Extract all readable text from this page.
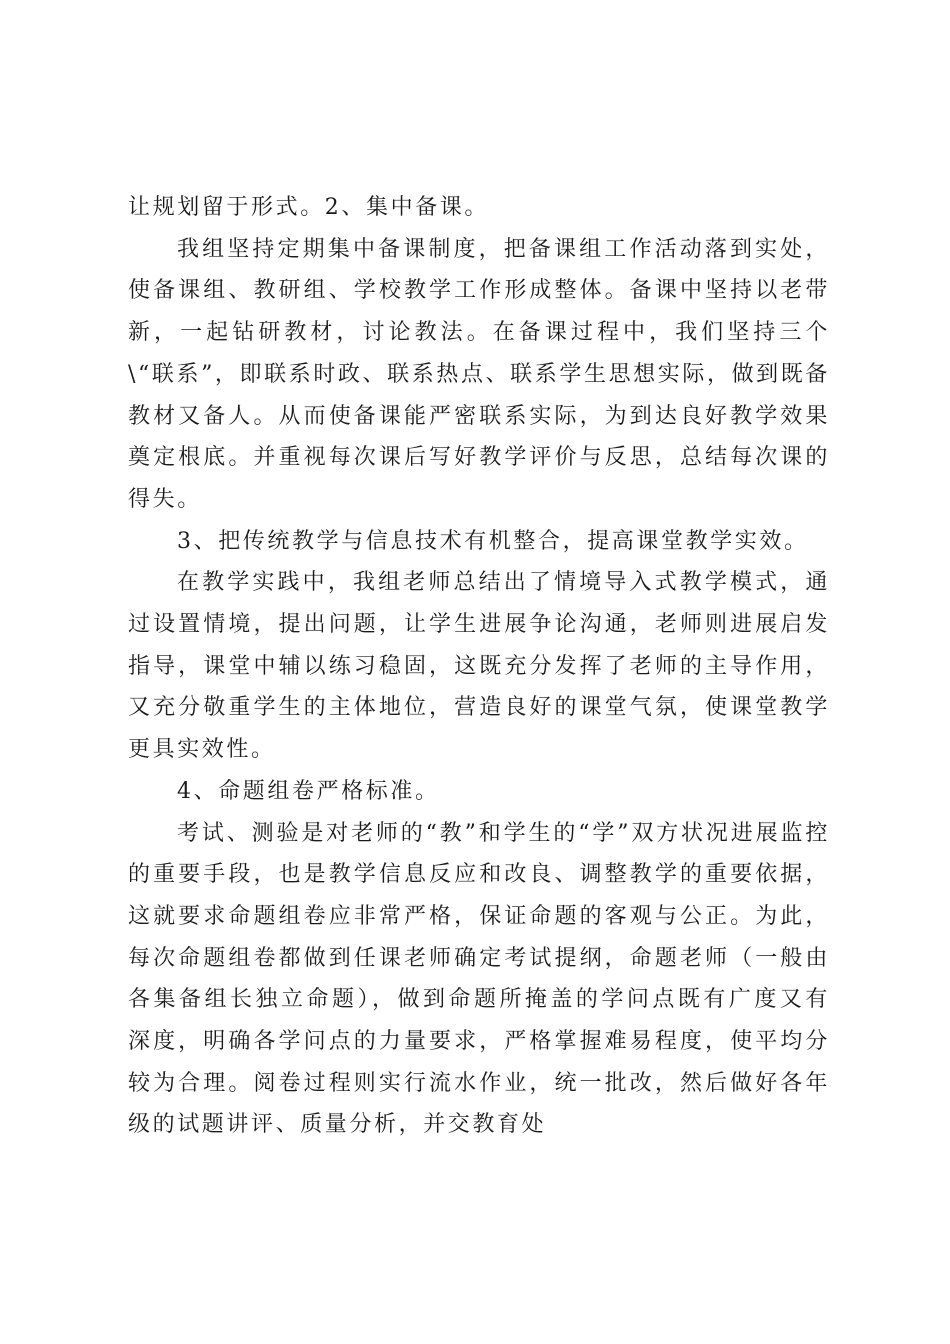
让规划留于形式。2、集中备课。

我组坚持定期集中备课制度，把备课组工作活动落到实处，使备课组、教研组、学校教学工作形成整体。备课中坚持以老带新，一起钻研教材，讨论教法。在备课过程中，我们坚持三个\“联系”，即联系时政、联系热点、联系学生思想实际，做到既备教材又备人。从而使备课能严密联系实际，为到达良好教学效果奠定根底。并重视每次课后写好教学评价与反思，总结每次课的得失。

3、把传统教学与信息技术有机整合，提高课堂教学实效。

在教学实践中，我组老师总结出了情境导入式教学模式，通过设置情境，提出问题，让学生进展争论沟通，老师则进展启发指导，课堂中辅以练习稳固，这既充分发挥了老师的主导作用，又充分敬重学生的主体地位，营造良好的课堂气氛，使课堂教学更具实效性。

4、命题组卷严格标准。

考试、测验是对老师的“教”和学生的“学”双方状况进展监控的重要手段，也是教学信息反应和改良、调整教学的重要依据，这就要求命题组卷应非常严格，保证命题的客观与公正。为此，每次命题组卷都做到任课老师确定考试提纲，命题老师（一般由各集备组长独立命题），做到命题所掩盖的学问点既有广度又有深度，明确各学问点的力量要求，严格掌握难易程度，使平均分较为合理。阅卷过程则实行流水作业，统一批改，然后做好各年级的试题讲评、质量分析，并交教育处
